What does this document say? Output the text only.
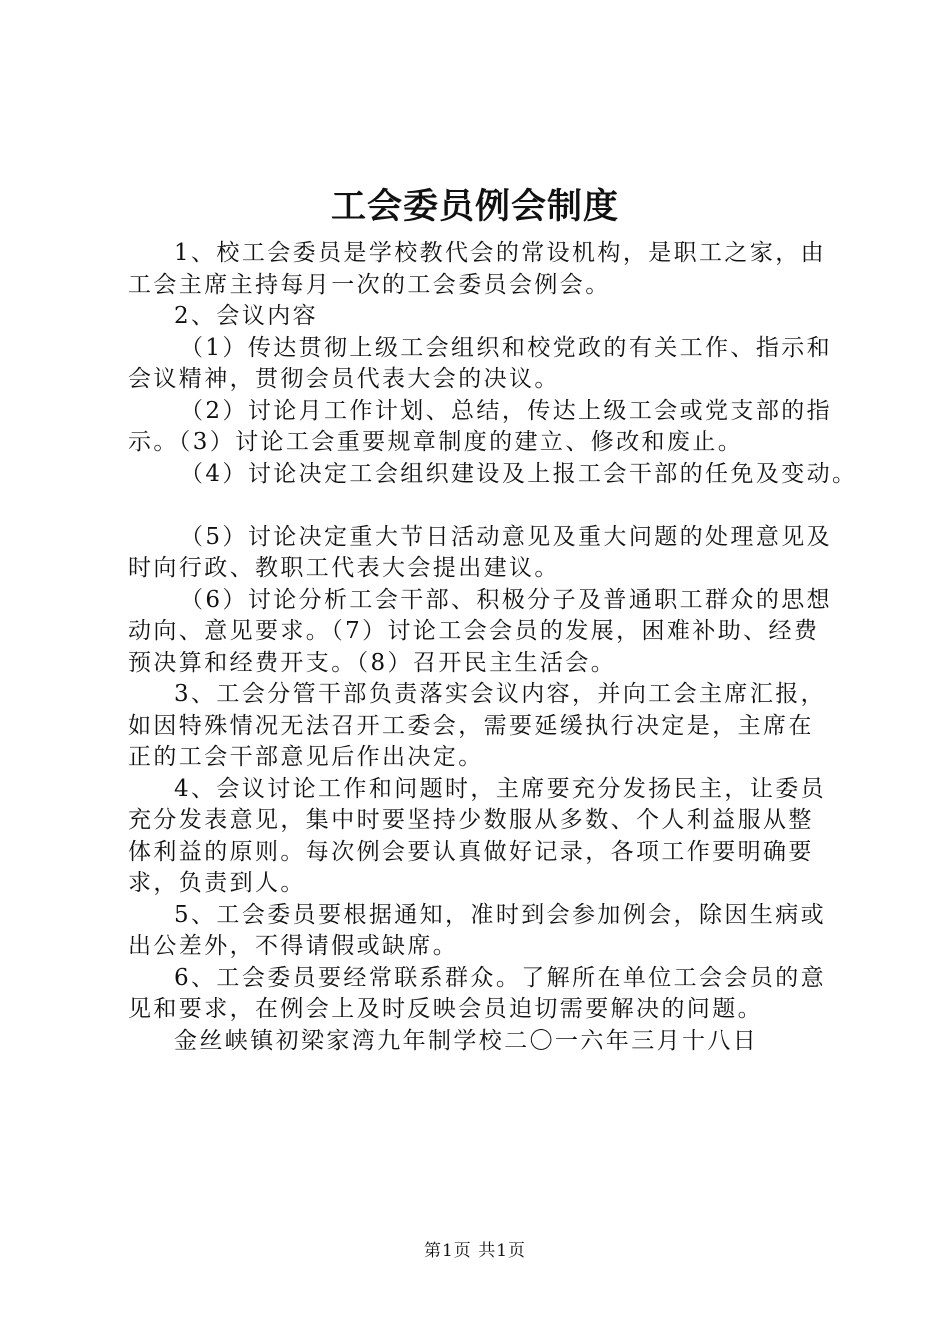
工会委员例会制度

1、校工会委员是学校教代会的常设机构，是职工之家，由工会主席主持每月一次的工会委员会例会。

2、会议内容

（1）传达贯彻上级工会组织和校党政的有关工作、指示和会议精神，贯彻会员代表大会的决议。

（2）讨论月工作计划、总结，传达上级工会或党支部的指示。（3）讨论工会重要规章制度的建立、修改和废止。

（4）讨论决定工会组织建设及上报工会干部的任免及变动。

（5）讨论决定重大节日活动意见及重大问题的处理意见及时向行政、教职工代表大会提出建议。

（6）讨论分析工会干部、积极分子及普通职工群众的思想动向、意见要求。（7）讨论工会会员的发展，困难补助、经费预决算和经费开支。（8）召开民主生活会。

3、工会分管干部负责落实会议内容，并向工会主席汇报，如因特殊情况无法召开工委会，需要延缓执行决定是，主席在正的工会干部意见后作出决定。

4、会议讨论工作和问题时，主席要充分发扬民主，让委员充分发表意见，集中时要坚持少数服从多数、个人利益服从整体利益的原则。每次例会要认真做好记录，各项工作要明确要求，负责到人。

5、工会委员要根据通知，准时到会参加例会，除因生病或出公差外，不得请假或缺席。

6、工会委员要经常联系群众。了解所在单位工会会员的意见和要求，在例会上及时反映会员迫切需要解决的问题。

金丝峡镇初梁家湾九年制学校二〇一六年三月十八日

第1页 共1页
